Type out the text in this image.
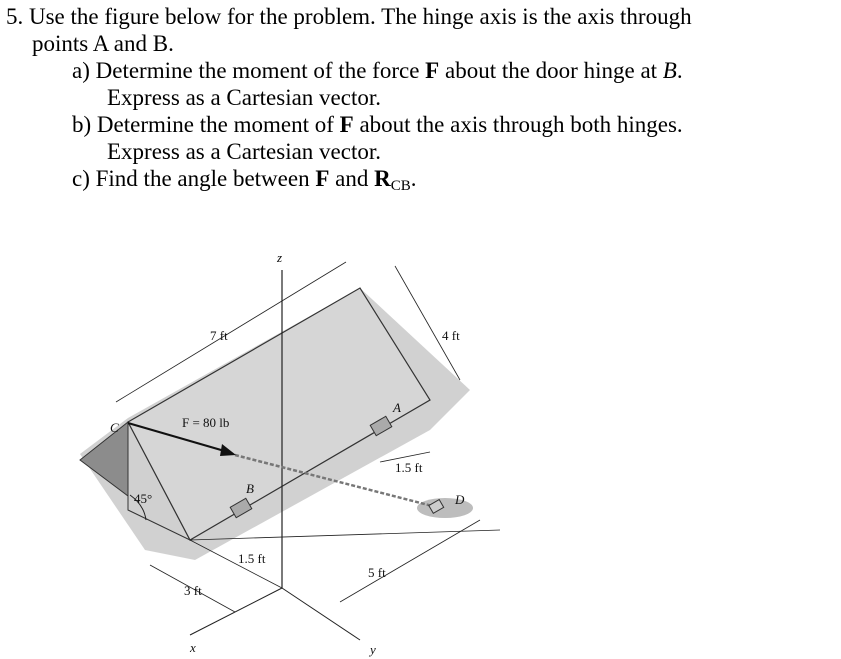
5. Use the figure below for the problem. The hinge axis is the axis through
points A and B.
a) Determine the moment of the force F about the door hinge at B.
Express as a Cartesian vector.
b) Determine the moment of F about the axis through both hinges.
Express as a Cartesian vector.
c) Find the angle between F and $R_{CB}$.
z
x	y
C
A
B
D
7 ft	4 ft
1.5 ft
1.5 ft
5 ft
3 ft
45°
F = 80 lb
